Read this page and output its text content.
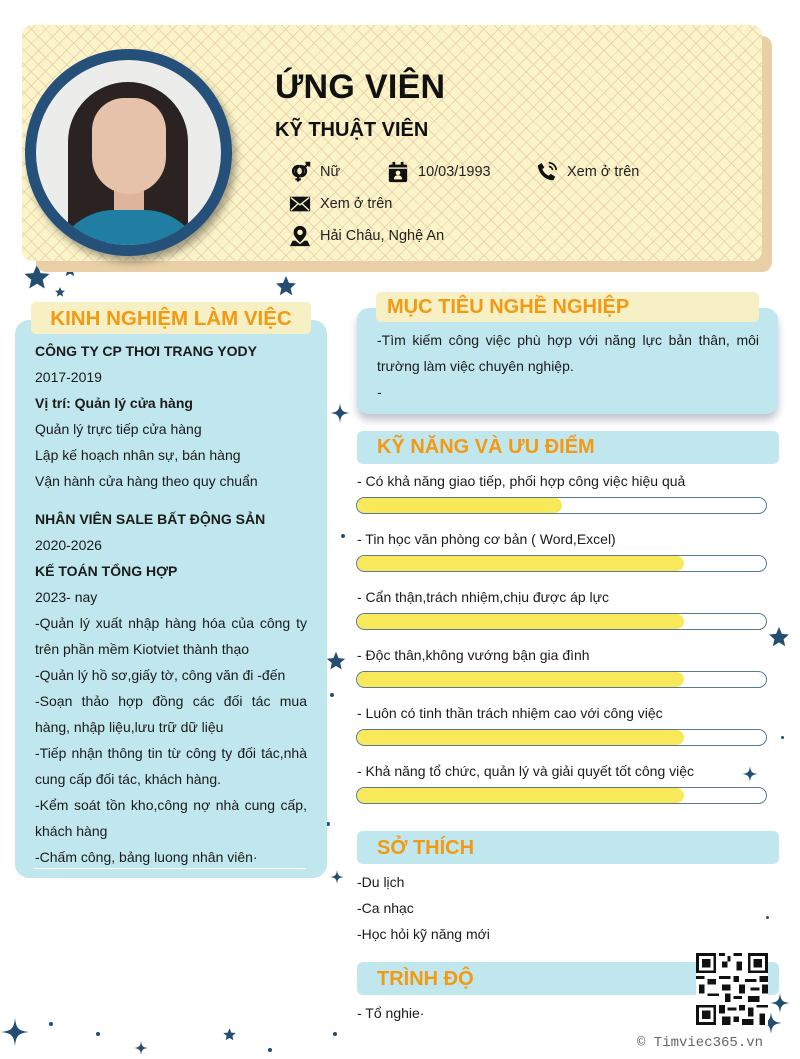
ỨNG VIÊN
KỸ THUẬT VIÊN
Nữ	10/03/1993	Xem ở trên
Xem ở trên
Hải Châu, Nghệ An
KINH NGHIỆM LÀM VIỆC
CÔNG TY CP THƠI TRANG YODY
2017-2019
Vị trí: Quản lý cửa hàng
Quản lý trực tiếp cửa hàng
Lập kế hoạch nhân sự, bán hàng
Vận hành cửa hàng theo quy chuẩn
NHÂN VIÊN SALE BẤT ĐỘNG SẢN
2020-2026
KẾ TOÁN TỔNG HỢP
2023- nay
-Quản lý xuất nhập hàng hóa của công ty trên phần mềm Kiotviet thành thạo
-Quản lý hồ sơ,giấy tờ, công văn đi -đến
-Soạn thảo hợp đồng các đối tác mua hàng, nhập liệu,lưu trữ dữ liệu
-Tiếp nhận thông tin từ công ty đối tác,nhà cung cấp đối tác, khách hàng.
-Kểm soát tồn kho,công nợ nhà cung cấp, khách hàng
-Chấm công, bảng luong nhân viên·
MỤC TIÊU NGHỀ NGHIỆP
-Tìm kiếm công việc phù hợp với năng lực bản thân, môi trường làm việc chuyên nghiệp.
-
KỸ NĂNG VÀ ƯU ĐIỂM
- Có khả năng giao tiếp, phối hợp công việc hiệu quả
- Tin học văn phòng cơ bản ( Word,Excel)
- Cẩn thận,trách nhiệm,chịu được áp lực
- Độc thân,không vướng bận gia đình
- Luôn có tinh thần trách nhiệm cao với công việc
- Khả năng tổ chức, quản lý và giải quyết tốt công việc
SỞ THÍCH
-Du lịch
-Ca nhạc
-Học hỏi kỹ năng mới
TRÌNH ĐỘ
- Tổ nghie·
© Timviec365.vn
